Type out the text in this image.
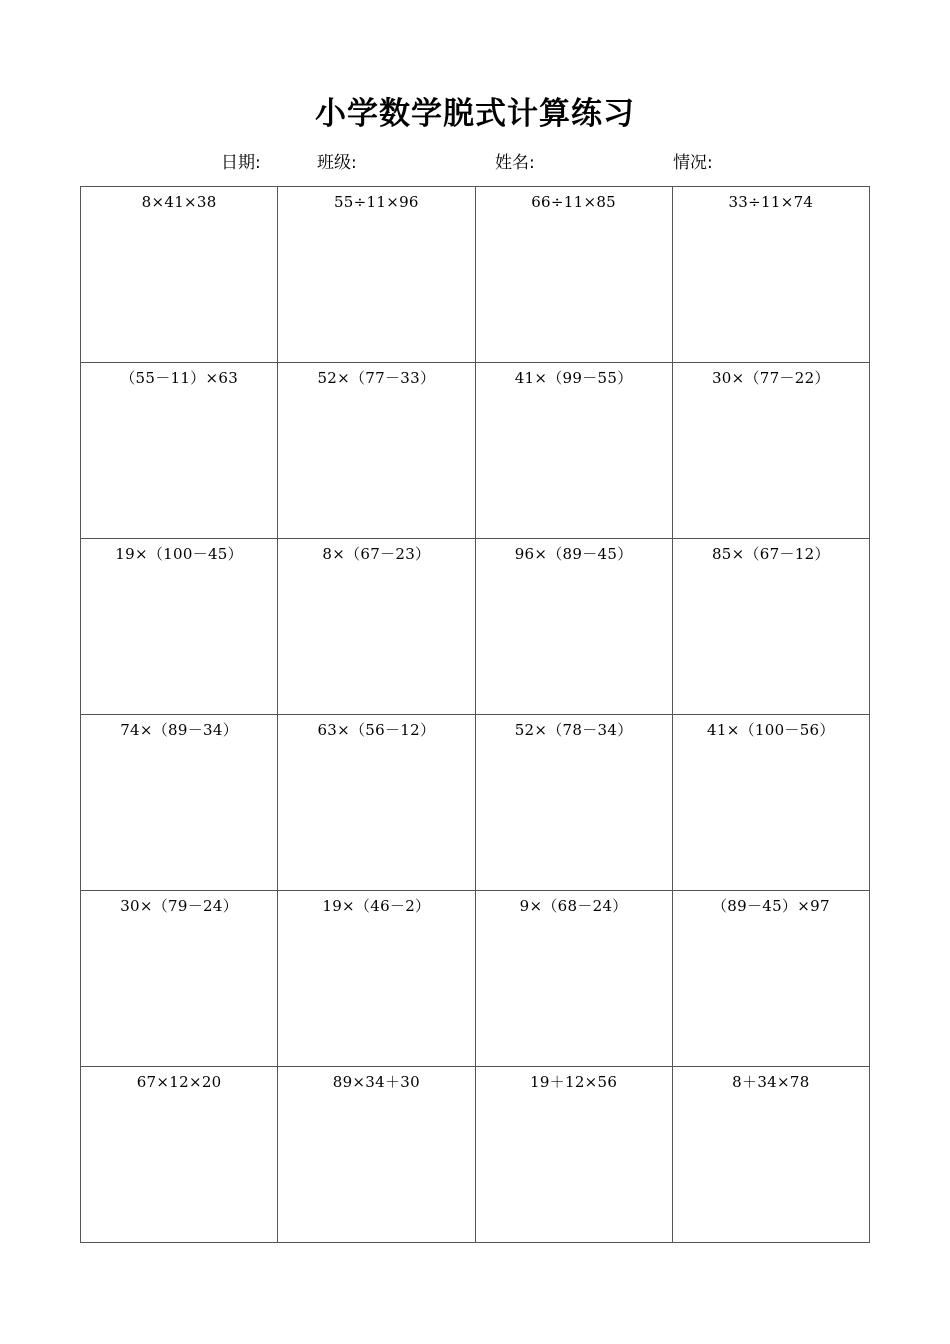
小学数学脱式计算练习
日期:	班级:	姓名:	情况:
8×41×38	55÷11×96	66÷11×85	33÷11×74

（55－11）×63	52×（77－33）	41×（99－55）	30×（77－22）

19×（100－45）	8×（67－23）	96×（89－45）	85×（67－12）

74×（89－34）	63×（56－12）	52×（78－34）	41×（100－56）

30×（79－24）	19×（46－2）	9×（68－24）	（89－45）×97

67×12×20	89×34＋30	19＋12×56	8＋34×78
